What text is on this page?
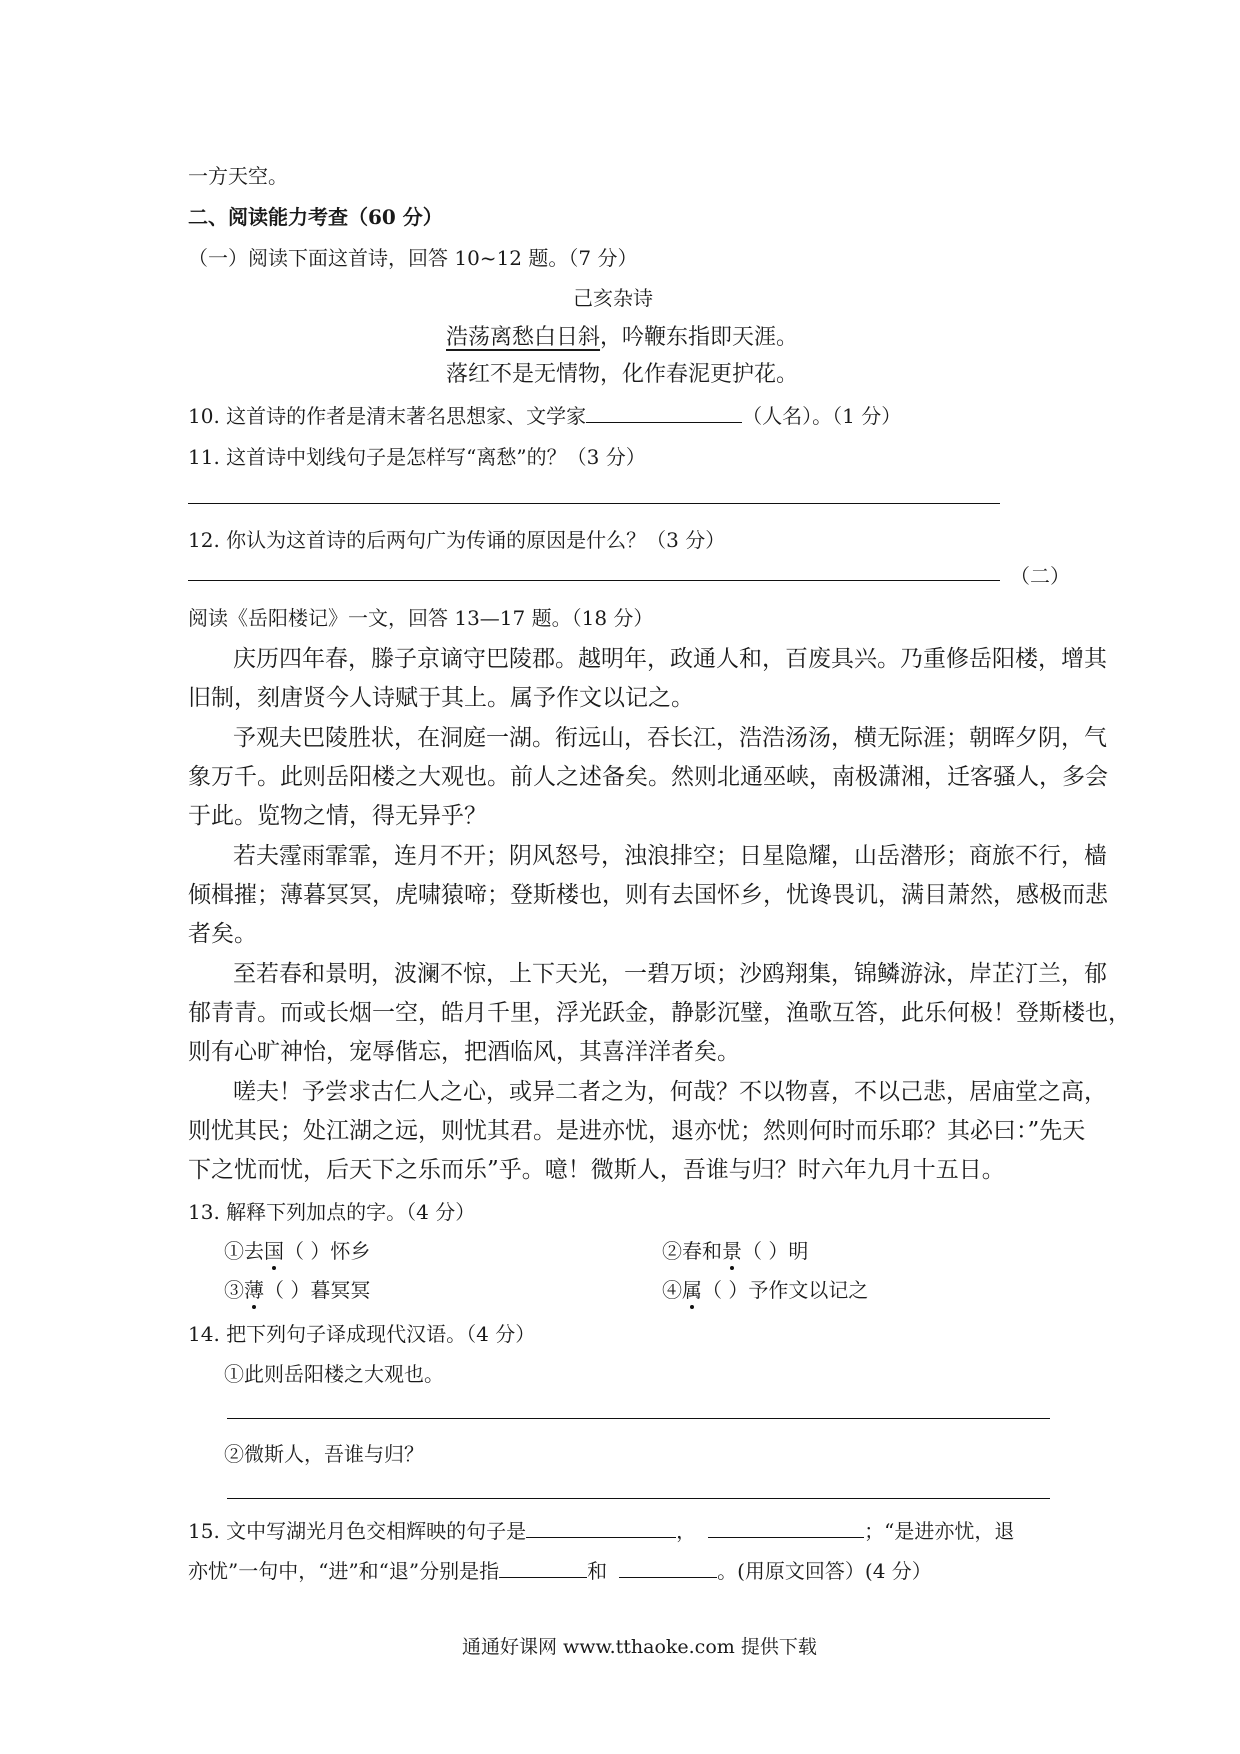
一方天空。
二、阅读能力考查（60 分）
（一）阅读下面这首诗，回答 10~12 题。（7 分）
己亥杂诗
浩荡离愁白日斜，吟鞭东指即天涯。
落红不是无情物，化作春泥更护花。
10. 这首诗的作者是清末著名思想家、文学家	（人名）。（1 分）
11. 这首诗中划线句子是怎样写“离愁”的？（3 分）
12. 你认为这首诗的后两句广为传诵的原因是什么？（3 分）
（二）
阅读《岳阳楼记》一文，回答 13—17 题。（18 分）
庆历四年春，滕子京谪守巴陵郡。越明年，政通人和，百废具兴。乃重修岳阳楼，增其
旧制，刻唐贤今人诗赋于其上。属予作文以记之。
予观夫巴陵胜状，在洞庭一湖。衔远山，吞长江，浩浩汤汤，横无际涯；朝晖夕阴，气
象万千。此则岳阳楼之大观也。前人之述备矣。然则北通巫峡，南极潇湘，迁客骚人，多会
于此。览物之情，得无异乎？
若夫霪雨霏霏，连月不开；阴风怒号，浊浪排空；日星隐耀，山岳潜形；商旅不行，樯
倾楫摧；薄暮冥冥，虎啸猿啼；登斯楼也，则有去国怀乡，忧谗畏讥，满目萧然，感极而悲
者矣。
至若春和景明，波澜不惊，上下天光，一碧万顷；沙鸥翔集，锦鳞游泳，岸芷汀兰，郁
郁青青。而或长烟一空，皓月千里，浮光跃金，静影沉璧，渔歌互答，此乐何极！登斯楼也，
则有心旷神怡，宠辱偕忘，把酒临风，其喜洋洋者矣。
嗟夫！予尝求古仁人之心，或异二者之为，何哉？不以物喜，不以己悲，居庙堂之高，
则忧其民；处江湖之远，则忧其君。是进亦忧，退亦忧；然则何时而乐耶？其必曰：”先天
下之忧而忧，后天下之乐而乐”乎。噫！微斯人，吾谁与归？时六年九月十五日。
13. 解释下列加点的字。（4 分）
①去国（ ）怀乡	②春和景（ ）明
③薄（ ）暮冥冥	④属（ ）予作文以记之
14. 把下列句子译成现代汉语。（4 分）
①此则岳阳楼之大观也。
②微斯人，吾谁与归？
15. 文中写湖光月色交相辉映的句子是	，	；“是进亦忧，退
亦忧”一句中，“进”和“退”分别是指	和	。(用原文回答）(4 分）
通通好课网 www.tthaoke.com 提供下载
